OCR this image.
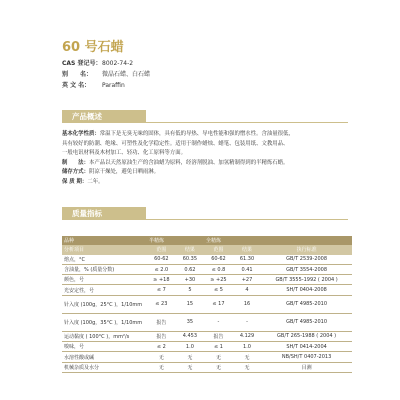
60 号石蜡
CAS 登记号： 8002-74-2
别　　名：	微晶石蜡、白石蜡
英 文 名：	Paraffin
产品概述

基本化学性质：常温下是无臭无味的固体，具有低的导热、导电性能和强的憎水性。含油量很低，
具有较好的防潮、绝缘、可塑性及化学稳定性。适用于制作蜡烛、蜡笔、包装用纸、文教用品、
一般电讯材料及木材加工、轻功、化工原料等方面。

制　　法：本产品以天然原油生产的含油蜡为原料，经溶剂脱油、加氢精制得到的半精炼石蜡。

储存方式：阴凉干燥处，避免日晒雨淋。

保 质 期：二年。

质量指标
品种	半精炼		全精炼		
分析项目	范围	结果	范围	结果	执行标准
熔点，°C	60-62	60.35	60-62	61.30	GB/T 2539-2008
含油量，% (质量分数)	≤ 2.0	0.62	≤ 0.8	0.41	GB/T 3554-2008
颜色，号	≥ +18	+30	≥ +25	+27	GB/T 3555-1992 ( 2004 )
光安定性，号	≤ 7	5	≤ 5	4	SH/T 0404-2008
针入度 (100g，25°C )，1/10mm	≤ 23	15	≤ 17	16	GB/T 4985-2010
针入度 (100g，35°C )，1/10mm	报告	35	-	-	GB/T 4985-2010
运动黏度 ( 100°C )，mm²/s	报告	4.453	报告	4.129	GB/T 265-1988 ( 2004 )
嗅味，号	≤ 2	1.0	≤ 1	1.0	SH/T 0414-2004
水溶性酸或碱	无	无	无	无	NB/SH/T 0407-2013
机械杂质及水分	无	无	无	无	目测
